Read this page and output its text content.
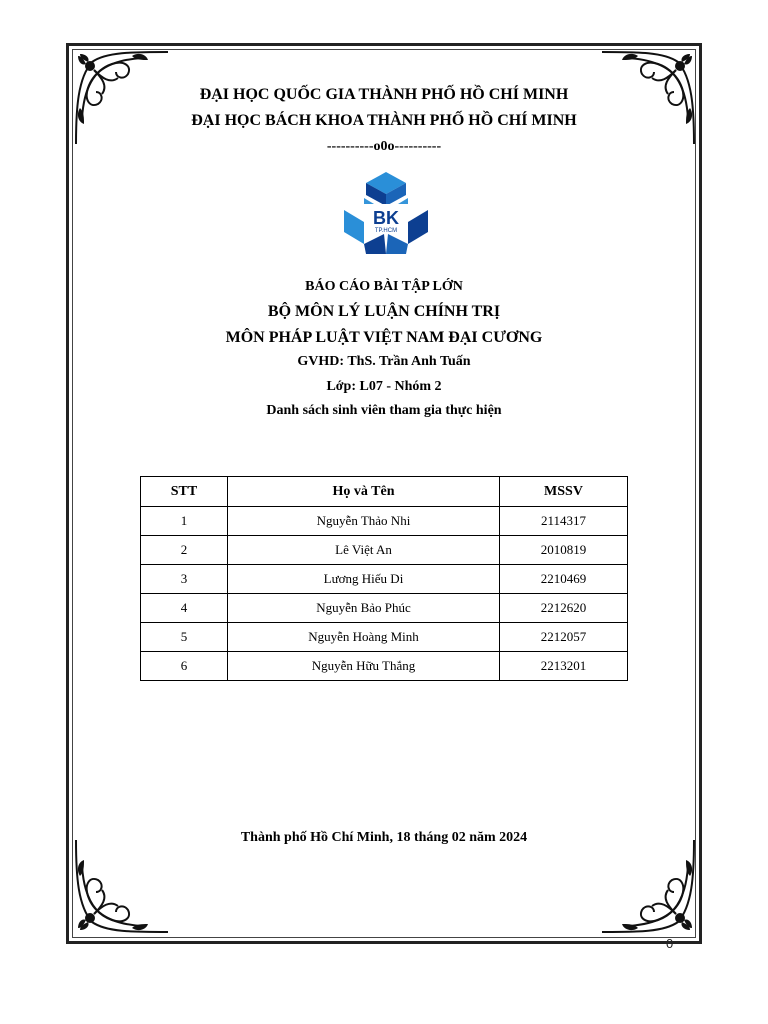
ĐẠI HỌC QUỐC GIA THÀNH PHỐ HỒ CHÍ MINH
ĐẠI HỌC BÁCH KHOA THÀNH PHỐ HỒ CHÍ MINH
----------o0o----------
BK
TP.HCM
BÁO CÁO BÀI TẬP LỚN
BỘ MÔN LÝ LUẬN CHÍNH TRỊ
MÔN PHÁP LUẬT VIỆT NAM ĐẠI CƯƠNG
GVHD: ThS. Trần Anh Tuấn
Lớp: L07 - Nhóm 2
Danh sách sinh viên tham gia thực hiện
STT	Họ và Tên	MSSV
1	Nguyễn Thảo Nhi	2114317
2	Lê Việt An	2010819
3	Lương Hiếu Di	2210469
4	Nguyễn Bảo Phúc	2212620
5	Nguyễn Hoàng Minh	2212057
6	Nguyễn Hữu Thắng	2213201
Thành phố Hồ Chí Minh, 18 tháng 02 năm 2024
0
